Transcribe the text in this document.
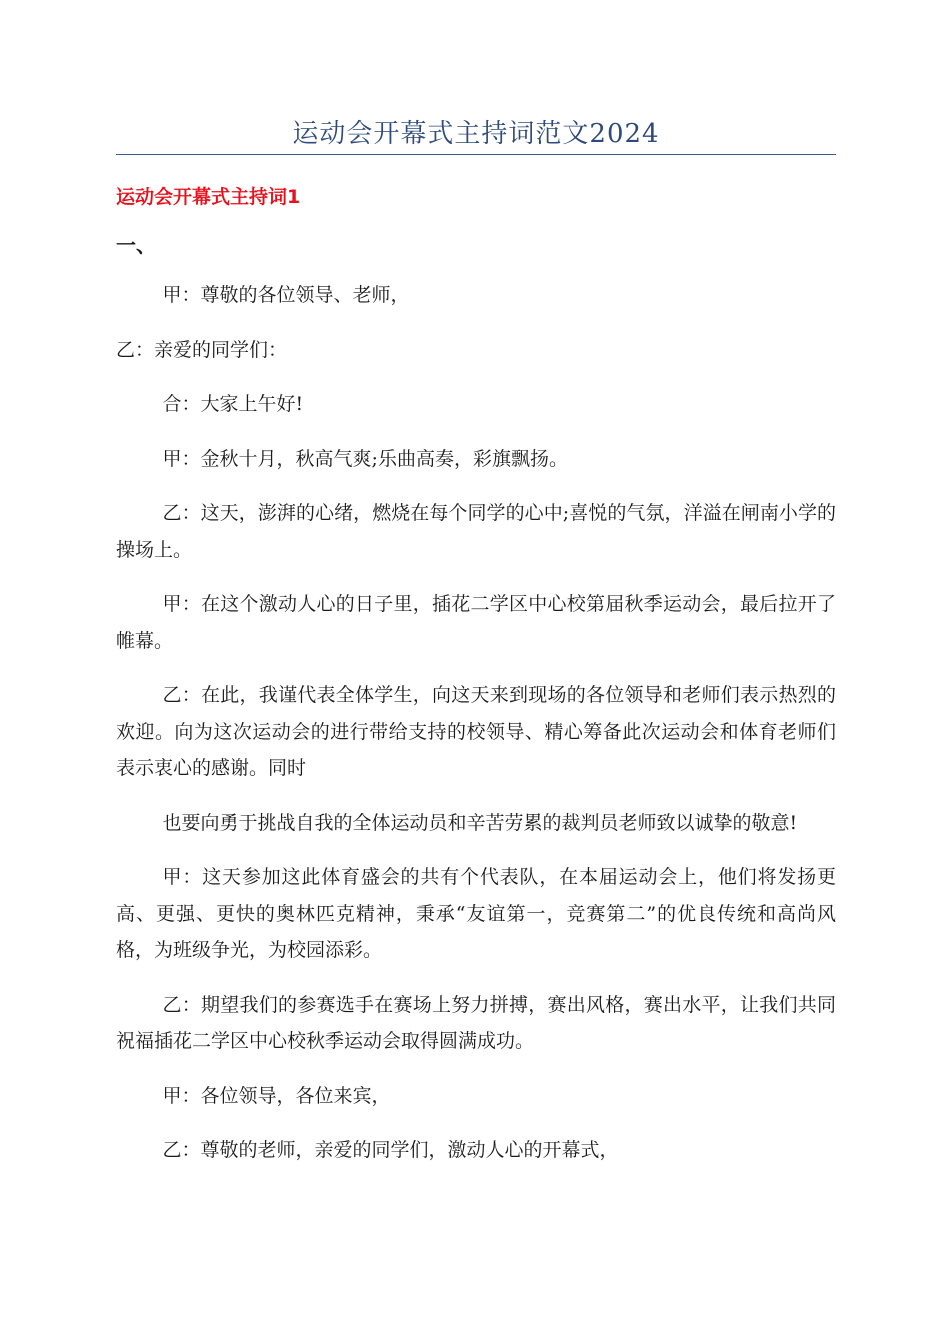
运动会开幕式主持词范文2024
运动会开幕式主持词1
一、

甲：尊敬的各位领导、老师，

乙：亲爱的同学们：

合：大家上午好!

甲：金秋十月，秋高气爽;乐曲高奏，彩旗飘扬。

乙：这天，澎湃的心绪，燃烧在每个同学的心中;喜悦的气氛，洋溢在闸南小学的操场上。

甲：在这个激动人心的日子里，插花二学区中心校第届秋季运动会，最后拉开了帷幕。

乙：在此，我谨代表全体学生，向这天来到现场的各位领导和老师们表示热烈的欢迎。向为这次运动会的进行带给支持的校领导、精心筹备此次运动会和体育老师们表示衷心的感谢。同时

也要向勇于挑战自我的全体运动员和辛苦劳累的裁判员老师致以诚挚的敬意!

甲：这天参加这此体育盛会的共有个代表队，在本届运动会上，他们将发扬更高、更强、更快的奥林匹克精神，秉承“友谊第一，竞赛第二”的优良传统和高尚风格，为班级争光，为校园添彩。

乙：期望我们的参赛选手在赛场上努力拼搏，赛出风格，赛出水平，让我们共同祝福插花二学区中心校秋季运动会取得圆满成功。

甲：各位领导，各位来宾，

乙：尊敬的老师，亲爱的同学们，激动人心的开幕式，
